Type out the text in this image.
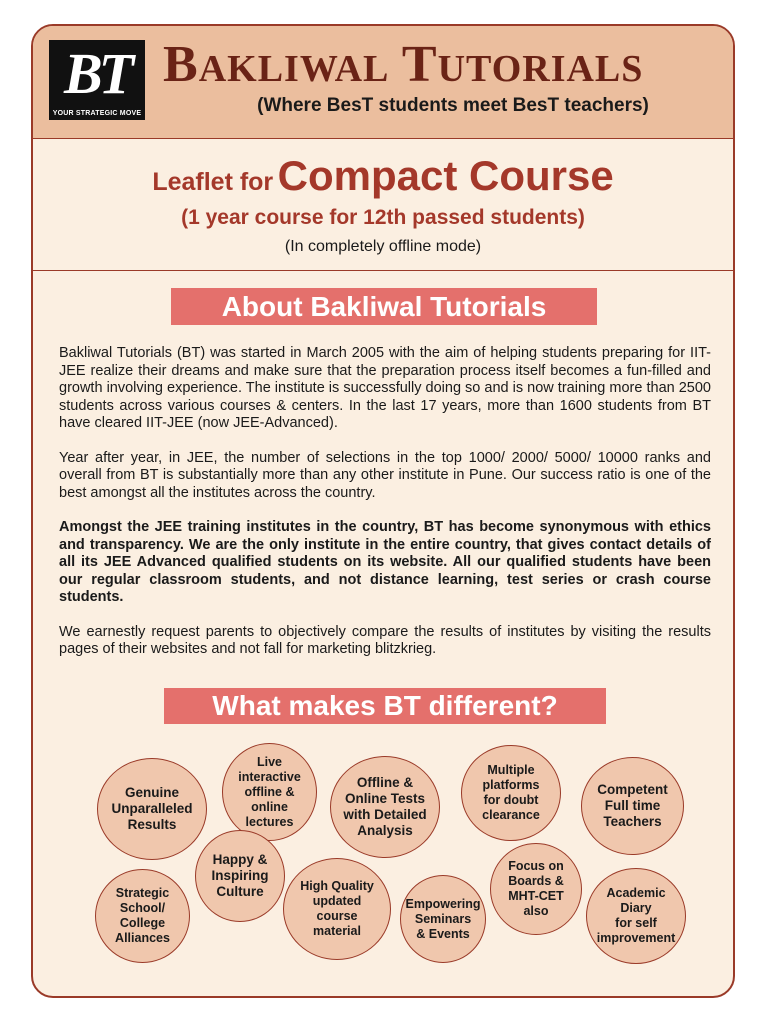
BT
YOUR STRATEGIC MOVE
BAKLIWAL TUTORIALS
(Where BesT students meet BesT teachers)
Leaflet for Compact Course
(1 year course for 12th passed students)
(In completely offline mode)
About Bakliwal Tutorials

Bakliwal Tutorials (BT) was started in March 2005 with the aim of helping students preparing for IIT-JEE realize their dreams and make sure that the preparation process itself becomes a fun-filled and growth involving experience. The institute is successfully doing so and is now training more than 2500 students across various courses & centers. In the last 17 years, more than 1600 students from BT have cleared IIT-JEE (now JEE-Advanced).

Year after year, in JEE, the number of selections in the top 1000/ 2000/ 5000/ 10000 ranks and overall from BT is substantially more than any other institute in Pune. Our success ratio is one of the best amongst all the institutes across the country.

Amongst the JEE training institutes in the country, BT has become synonymous with ethics and transparency. We are the only institute in the entire country, that gives contact details of all its JEE Advanced qualified students on its website. All our qualified students have been our regular classroom students, and not distance learning, test series or crash course students.

We earnestly request parents to objectively compare the results of institutes by visiting the results pages of their websites and not fall for marketing blitzkrieg.

What makes BT different?
Genuine
Unparalleled
Results
Live
interactive
offline &
online
lectures
Offline &
Online Tests
with Detailed
Analysis
Multiple
platforms
for doubt
clearance
Competent
Full time
Teachers
Strategic
School/
College
Alliances
Happy &
Inspiring
Culture	High Quality
updated
course
material
Empowering
Seminars
& Events
Focus on
Boards &
MHT-CET
also
Academic Diary
for self
improvement
